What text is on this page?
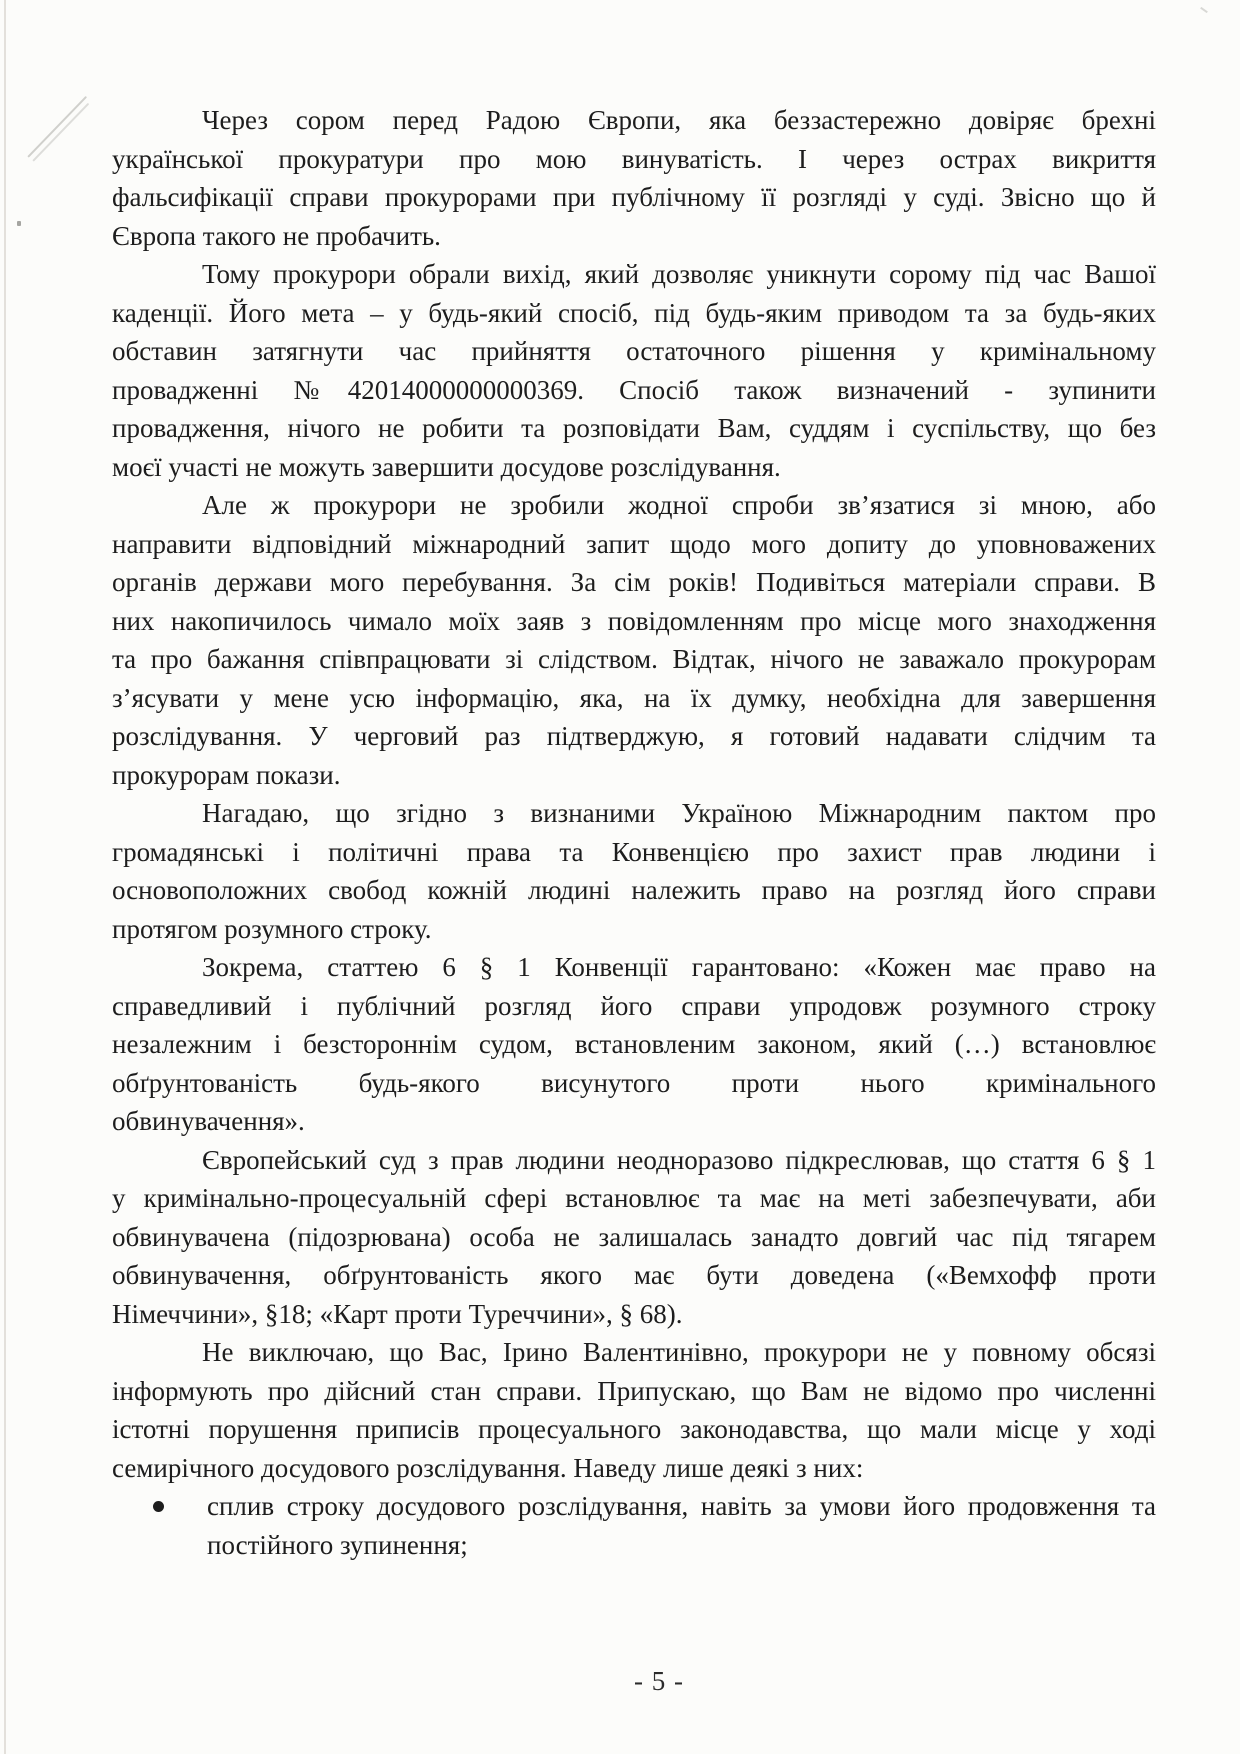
Через сором перед Радою Європи, яка беззастережно довіряє брехні
української прокуратури про мою винуватість. І через острах викриття
фальсифікації справи прокурорами при публічному її розгляді у суді. Звісно що й
Європа такого не пробачить.
Тому прокурори обрали вихід, який дозволяє уникнути сорому під час Вашої
каденції. Його мета – у будь-який спосіб, під будь-яким приводом та за будь-яких
обставин затягнути час прийняття остаточного рішення у кримінальному
провадженні №42014000000000369. Спосіб також визначений - зупинити
провадження, нічого не робити та розповідати Вам, суддям і суспільству, що без
моєї участі не можуть завершити досудове розслідування.
Але ж прокурори не зробили жодної спроби зв’язатися зі мною, або
направити відповідний міжнародний запит щодо мого допиту до уповноважених
органів держави мого перебування. За сім років! Подивіться матеріали справи. В
них накопичилось чимало моїх заяв з повідомленням про місце мого знаходження
та про бажання співпрацювати зі слідством. Відтак, нічого не заважало прокурорам
з’ясувати у мене усю інформацію, яка, на їх думку, необхідна для завершення
розслідування. У черговий раз підтверджую, я готовий надавати слідчим та
прокурорам покази.
Нагадаю, що згідно з визнаними Україною Міжнародним пактом про
громадянські і політичні права та Конвенцією про захист прав людини і
основоположних свобод кожній людині належить право на розгляд його справи
протягом розумного строку.
Зокрема, статтею 6 § 1 Конвенції гарантовано: «Кожен має право на
справедливий і публічний розгляд його справи упродовж розумного строку
незалежним і безстороннім судом, встановленим законом, який (…) встановлює
обґрунтованість будь-якого висунутого проти нього кримінального
обвинувачення».
Європейський суд з прав людини неодноразово підкреслював, що стаття 6 § 1
у кримінально-процесуальній сфері встановлює та має на меті забезпечувати, аби
обвинувачена (підозрювана) особа не залишалась занадто довгий час під тягарем
обвинувачення, обґрунтованість якого має бути доведена («Вемхофф проти
Німеччини», §18; «Карт проти Туреччини», § 68).
Не виключаю, що Вас, Ірино Валентинівно, прокурори не у повному обсязі
інформують про дійсний стан справи. Припускаю, що Вам не відомо про численні
істотні порушення приписів процесуального законодавства, що мали місце у ході
семирічного досудового розслідування. Наведу лише деякі з них:
сплив строку досудового розслідування, навіть за умови його продовження та
постійного зупинення;
- 5 -
